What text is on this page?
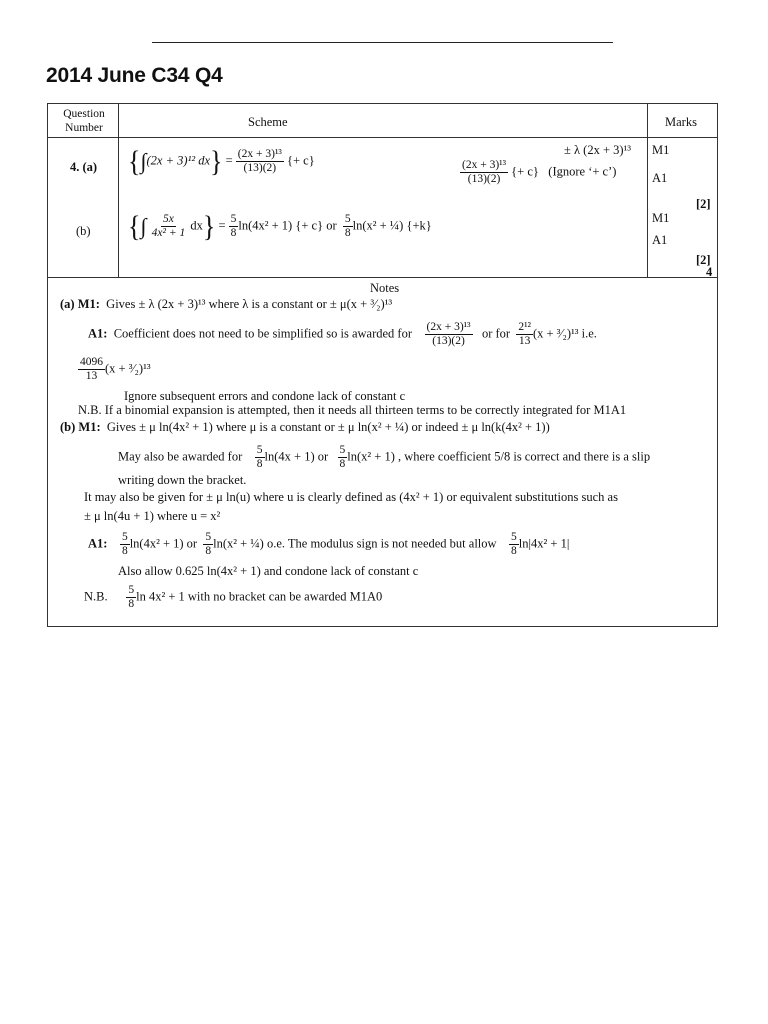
2014 June C34 Q4
Question
Number	Scheme	Marks
4. (a) {∫(2x + 3)¹² $dx\} = \frac{\text{(2x + 3)¹³}}{(13)(2)}$ {+ c}
± λ (2x + 3)¹³
$\frac{\text{(2x + 3)¹³}}{(13)(2)}$ {+ c} (Ignore ‘+ c’)
M1
A1
[2]
(b) {∫ $\frac{5x}{\text{4x² + 1}} dx\} = \frac{5}{8} \ln(4x^2 + 1)$ {+ c} or $\frac{5}{8} \ln(x^2$ + ¼) {+k}
M1
A1
[2]
4
Notes
(a) M1: Gives ± λ (2x + 3)¹³ where λ is a constant or ± μ(x + ³⁄₂)¹³
A1: Coefficient does not need to be simplified so is awarded for $\frac{\text{(2x + 3)¹³}}{(13)(2)}$ or for $\frac{\text{2¹²}}{13} (x$ + ³⁄₂)¹³ i.e.
$\frac{4096}{13} (x$ + ³⁄₂)¹³
Ignore subsequent errors and condone lack of constant c
N.B. If a binomial expansion is attempted, then it needs all thirteen terms to be correctly integrated for M1A1
(b) M1: Gives ± μ ln(4x² + 1) where μ is a constant or ± μ ln(x² + ¼) or indeed ± μ ln(k(4x² + 1))
May also be awarded for $\frac{5}{8} \ln(4x + 1)$ or $\frac{5}{8} \ln(x^2 + 1)$ , where coefficient 5/8 is correct and there is a slip
writing down the bracket.
It may also be given for ± μ ln(u) where u is clearly defined as (4x² + 1) or equivalent substitutions such as
± μ ln(4u + 1) where u = x²
A1: $\frac{5}{8} \ln(4x^2 + 1)$ or $\frac{5}{8} \ln(x^2$ + ¼) o.e. The modulus sign is not needed but allow $\frac{5}{8} \ln|4x^2 + 1|$
Also allow 0.625 ln(4x² + 1) and condone lack of constant c
N.B. $\frac{5}{8}$ ln 4x² + 1 with no bracket can be awarded M1A0
